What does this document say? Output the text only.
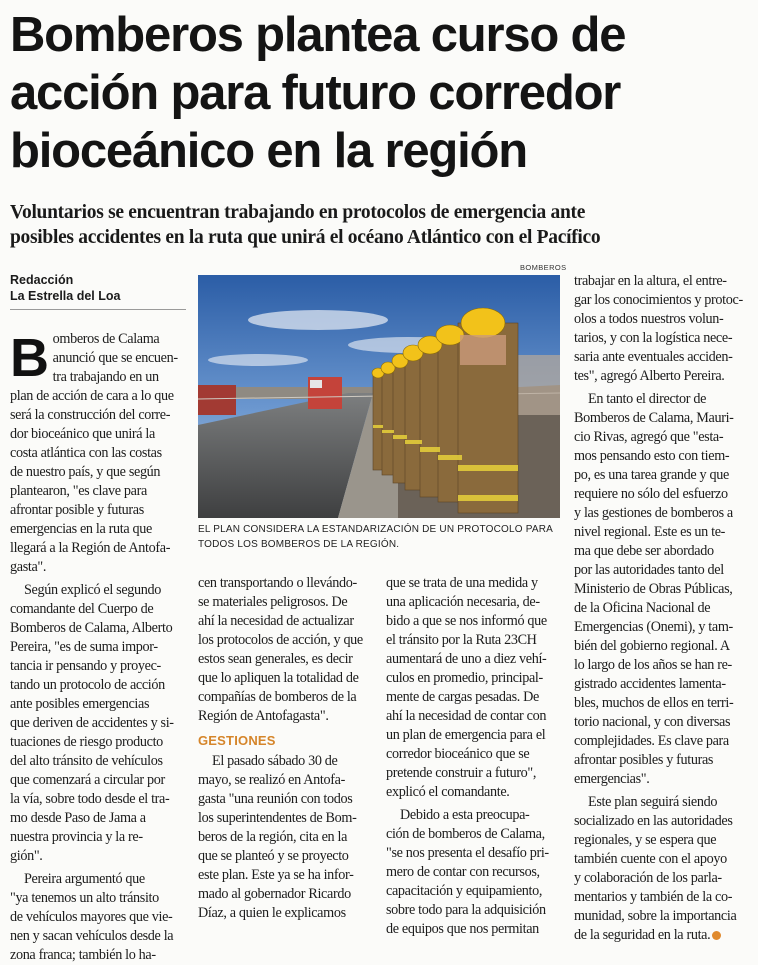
Bomberos plantea curso de
acción para futuro corredor
bioceánico en la región
Voluntarios se encuentran trabajando en protocolos de emergencia ante
posibles accidentes en la ruta que unirá el océano Atlántico con el Pacífico
Redacción
La Estrella del Loa
BOMBEROS
EL PLAN CONSIDERA LA ESTANDARIZACIÓN DE UN PROTOCOLO PARA
TODOS LOS BOMBEROS DE LA REGIÓN.
B omberos de Calama
anunció que se encuen-
tra trabajando en un
plan de acción de cara a lo que
será la construcción del corre-
dor bioceánico que unirá la
costa atlántica con las costas
de nuestro país, y que según
plantearon, "es clave para
afrontar posible y futuras
emergencias en la ruta que
llegará a la Región de Antofa-
gasta".
Según explicó el segundo
comandante del Cuerpo de
Bomberos de Calama, Alberto
Pereira, "es de suma impor-
tancia ir pensando y proyec-
tando un protocolo de acción
ante posibles emergencias
que deriven de accidentes y si-
tuaciones de riesgo producto
del alto tránsito de vehículos
que comenzará a circular por
la vía, sobre todo desde el tra-
mo desde Paso de Jama a
nuestra provincia y la re-
gión".
Pereira argumentó que
"ya tenemos un alto tránsito
de vehículos mayores que vie-
nen y sacan vehículos desde la
zona franca; también lo ha-
cen transportando o llevándo-
se materiales peligrosos. De
ahí la necesidad de actualizar
los protocolos de acción, y que
estos sean generales, es decir
que lo apliquen la totalidad de
compañías de bomberos de la
Región de Antofagasta".
GESTIONES
El pasado sábado 30 de
mayo, se realizó en Antofa-
gasta "una reunión con todos
los superintendentes de Bom-
beros de la región, cita en la
que se planteó y se proyecto
este plan. Este ya se ha infor-
mado al gobernador Ricardo
Díaz, a quien le explicamos
que se trata de una medida y
una aplicación necesaria, de-
bido a que se nos informó que
el tránsito por la Ruta 23CH
aumentará de uno a diez vehí-
culos en promedio, principal-
mente de cargas pesadas. De
ahí la necesidad de contar con
un plan de emergencia para el
corredor bioceánico que se
pretende construir a futuro",
explicó el comandante.
Debido a esta preocupa-
ción de bomberos de Calama,
"se nos presenta el desafío pri-
mero de contar con recursos,
capacitación y equipamiento,
sobre todo para la adquisición
de equipos que nos permitan
trabajar en la altura, el entre-
gar los conocimientos y protoc-
olos a todos nuestros volun-
tarios, y con la logística nece-
saria ante eventuales acciden-
tes", agregó Alberto Pereira.
En tanto el director de
Bomberos de Calama, Mauri-
cio Rivas, agregó que "esta-
mos pensando esto con tiem-
po, es una tarea grande y que
requiere no sólo del esfuerzo
y las gestiones de bomberos a
nivel regional. Este es un te-
ma que debe ser abordado
por las autoridades tanto del
Ministerio de Obras Públicas,
de la Oficina Nacional de
Emergencias (Onemi), y tam-
bién del gobierno regional. A
lo largo de los años se han re-
gistrado accidentes lamenta-
bles, muchos de ellos en terri-
torio nacional, y con diversas
complejidades. Es clave para
afrontar posibles y futuras
emergencias".
Este plan seguirá siendo
socializado en las autoridades
regionales, y se espera que
también cuente con el apoyo
y colaboración de los parla-
mentarios y también de la co-
munidad, sobre la importancia
de la seguridad en la ruta.
